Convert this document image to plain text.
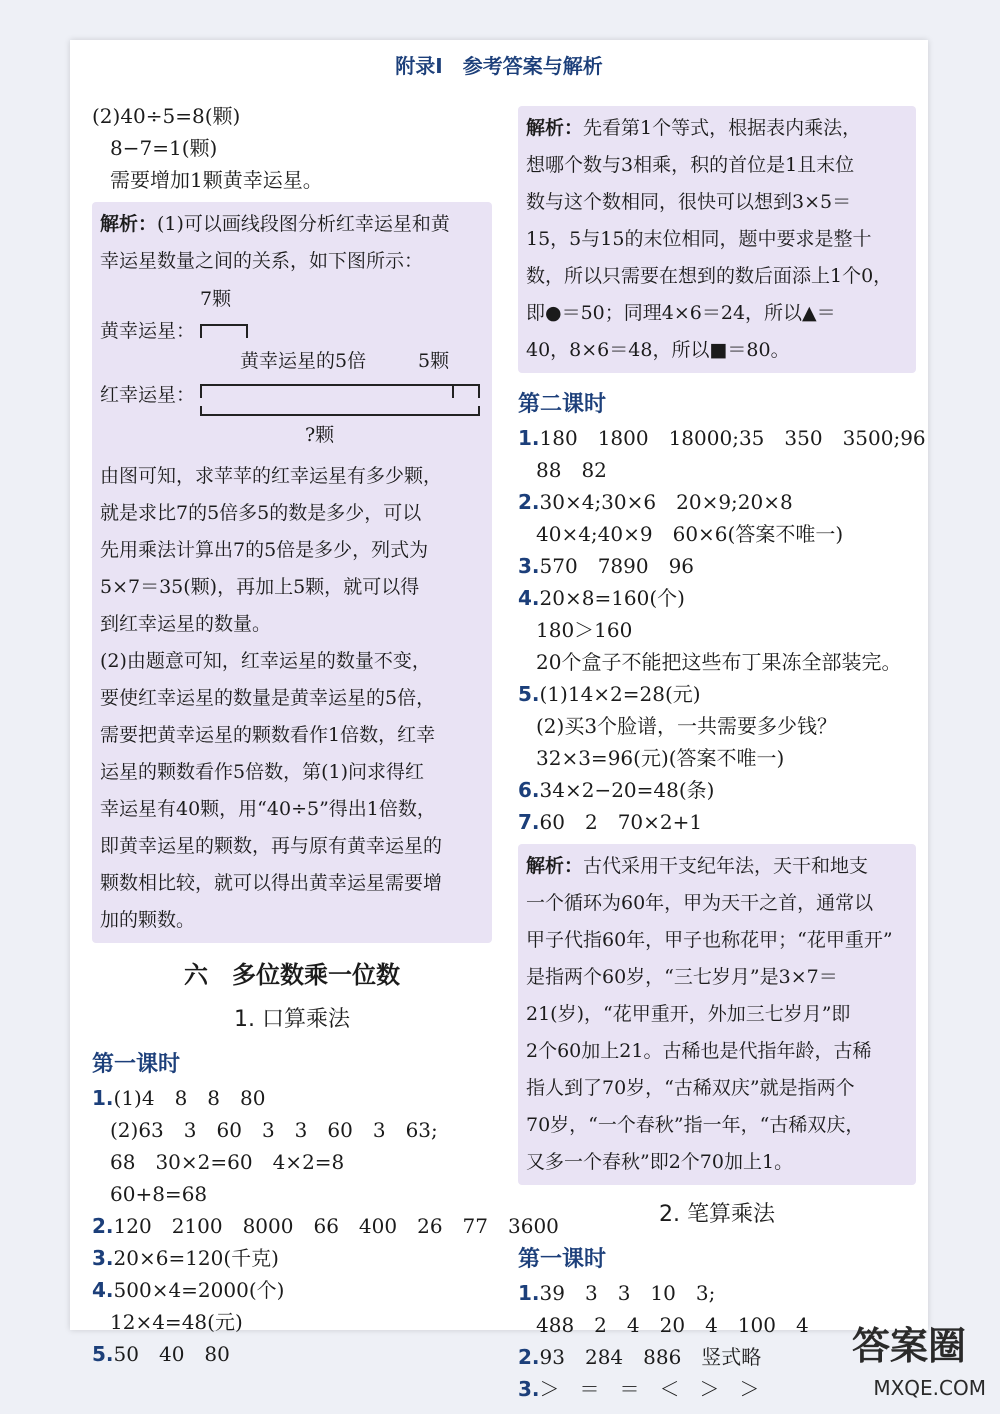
附录Ⅰ　参考答案与解析
(2)40÷5=8(颗)
8−7=1(颗)
需要增加1颗黄幸运星。
解析：(1)可以画线段图分析红幸运星和黄
幸运星数量之间的关系，如下图所示：
7颗
黄幸运星：
黄幸运星的5倍	5颗
红幸运星：
?颗
由图可知，求苹苹的红幸运星有多少颗，
就是求比7的5倍多5的数是多少，可以
先用乘法计算出7的5倍是多少，列式为
5×7＝35(颗)，再加上5颗，就可以得
到红幸运星的数量。
(2)由题意可知，红幸运星的数量不变，
要使红幸运星的数量是黄幸运星的5倍，
需要把黄幸运星的颗数看作1倍数，红幸
运星的颗数看作5倍数，第(1)问求得红
幸运星有40颗，用“40÷5”得出1倍数，
即黄幸运星的颗数，再与原有黄幸运星的
颗数相比较，就可以得出黄幸运星需要增
加的颗数。
六　多位数乘一位数
1. 口算乘法
第一课时
1.(1)4　8　8　80
(2)63　3　60　3　3　60　3　63;
68　30×2=60　4×2=8
60+8=68
2.120　2100　8000　66　400　26　77　3600
3.20×6=120(千克)
4.500×4=2000(个)
12×4=48(元)
5.50　40　80
解析：先看第1个等式，根据表内乘法，
想哪个数与3相乘，积的首位是1且末位
数与这个数相同，很快可以想到3×5＝
15，5与15的末位相同，题中要求是整十
数，所以只需要在想到的数后面添上1个0，
即●＝50；同理4×6＝24，所以▲＝
40，8×6＝48，所以■＝80。
第二课时
1.180　1800　18000;35　350　3500;96
88　82
2.30×4;30×6　20×9;20×8
40×4;40×9　60×6(答案不唯一)
3.570　7890　96
4.20×8=160(个)
180＞160
20个盒子不能把这些布丁果冻全部装完。
5.(1)14×2=28(元)
(2)买3个脸谱，一共需要多少钱？
32×3=96(元)(答案不唯一)
6.34×2−20=48(条)
7.60　2　70×2+1
解析：古代采用干支纪年法，天干和地支
一个循环为60年，甲为天干之首，通常以
甲子代指60年，甲子也称花甲；“花甲重开”
是指两个60岁，“三七岁月”是3×7＝
21(岁)，“花甲重开，外加三七岁月”即
2个60加上21。古稀也是代指年龄，古稀
指人到了70岁，“古稀双庆”就是指两个
70岁，“一个春秋”指一年，“古稀双庆，
又多一个春秋”即2个70加上1。
2. 笔算乘法
第一课时
1.39　3　3　10　3;
488　2　4　20　4　100　4
2.93　284　886　竖式略
3.＞　＝　＝　＜　＞　＞
答案圈
MXQE.COM
